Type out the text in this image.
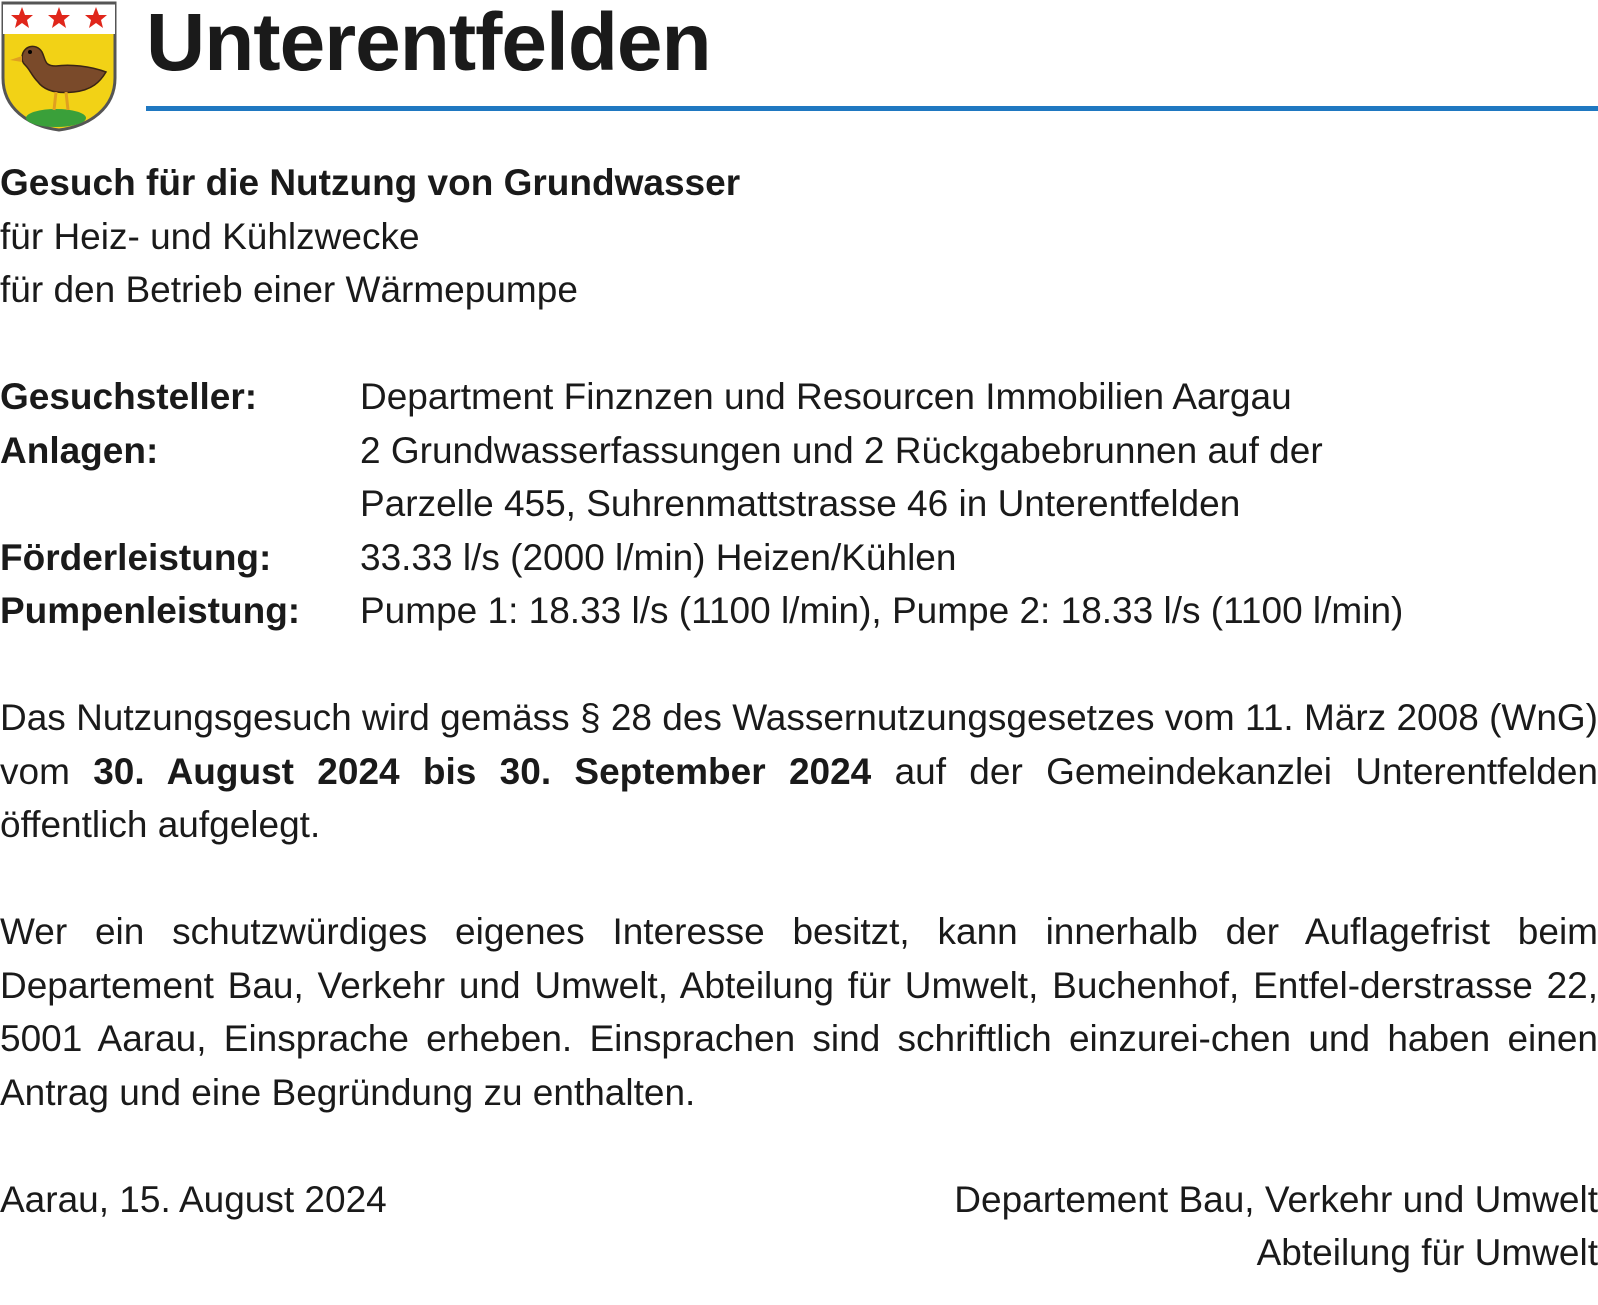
Unterentfelden
Gesuch für die Nutzung von Grundwasser
für Heiz- und Kühlzwecke
für den Betrieb einer Wärmepumpe
Gesuchsteller:	Department Finznzen und Resourcen Immobilien Aargau
Anlagen:	2 Grundwasserfassungen und 2 Rückgabebrunnen auf der
Parzelle 455, Suhrenmattstrasse 46 in Unterentfelden
Förderleistung:	33.33 l/s (2000 l/min) Heizen/Kühlen
Pumpenleistung:	Pumpe 1: 18.33 l/s (1100 l/min), Pumpe 2: 18.33 l/s (1100 l/min)
Das Nutzungsgesuch wird gemäss § 28 des Wassernutzungsgesetzes vom 11. März 2008 (WnG) vom 30. August 2024 bis 30. September 2024 auf der Gemeindekanzlei Unterentfelden öffentlich aufgelegt.
Wer ein schutzwürdiges eigenes Interesse besitzt, kann innerhalb der Auflagefrist beim Departement Bau, Verkehr und Umwelt, Abteilung für Umwelt, Buchenhof, Entfel-derstrasse 22, 5001 Aarau, Einsprache erheben. Einsprachen sind schriftlich einzurei-chen und haben einen Antrag und eine Begründung zu enthalten.
Aarau, 15. August 2024	Departement Bau, Verkehr und Umwelt
Abteilung für Umwelt
